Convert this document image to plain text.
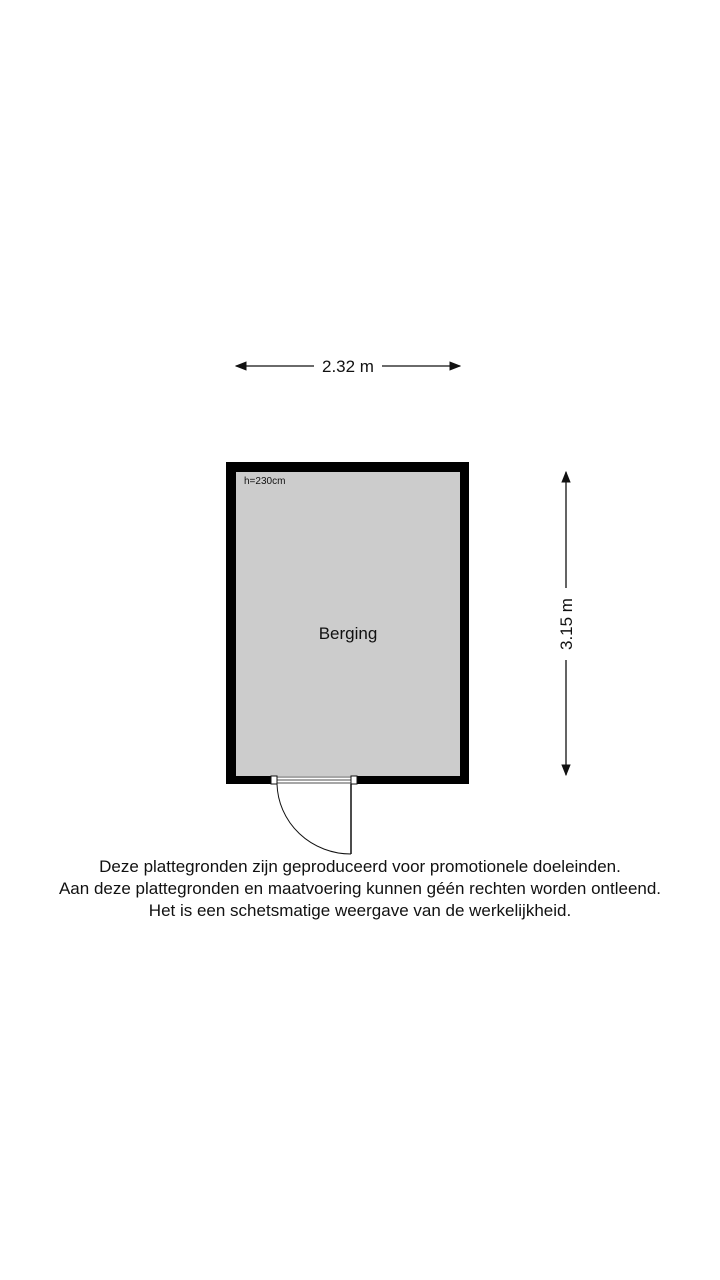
2.32 m
3.15 m
h=230cm
Berging
Deze plattegronden zijn geproduceerd voor promotionele doeleinden.
Aan deze plattegronden en maatvoering kunnen géén rechten worden ontleend.
Het is een schetsmatige weergave van de werkelijkheid.
